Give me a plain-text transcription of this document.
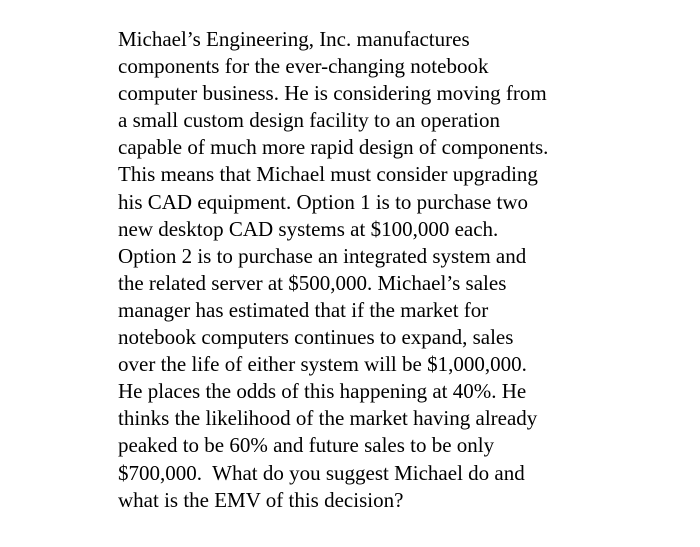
Michael’s Engineering, Inc. manufactures
components for the ever-changing notebook
computer business. He is considering moving from
a small custom design facility to an operation
capable of much more rapid design of components.
This means that Michael must consider upgrading
his CAD equipment. Option 1 is to purchase two
new desktop CAD systems at $100,000 each.
Option 2 is to purchase an integrated system and
the related server at $500,000. Michael’s sales
manager has estimated that if the market for
notebook computers continues to expand, sales
over the life of either system will be $1,000,000.
He places the odds of this happening at 40%. He
thinks the likelihood of the market having already
peaked to be 60% and future sales to be only
$700,000.  What do you suggest Michael do and
what is the EMV of this decision?
